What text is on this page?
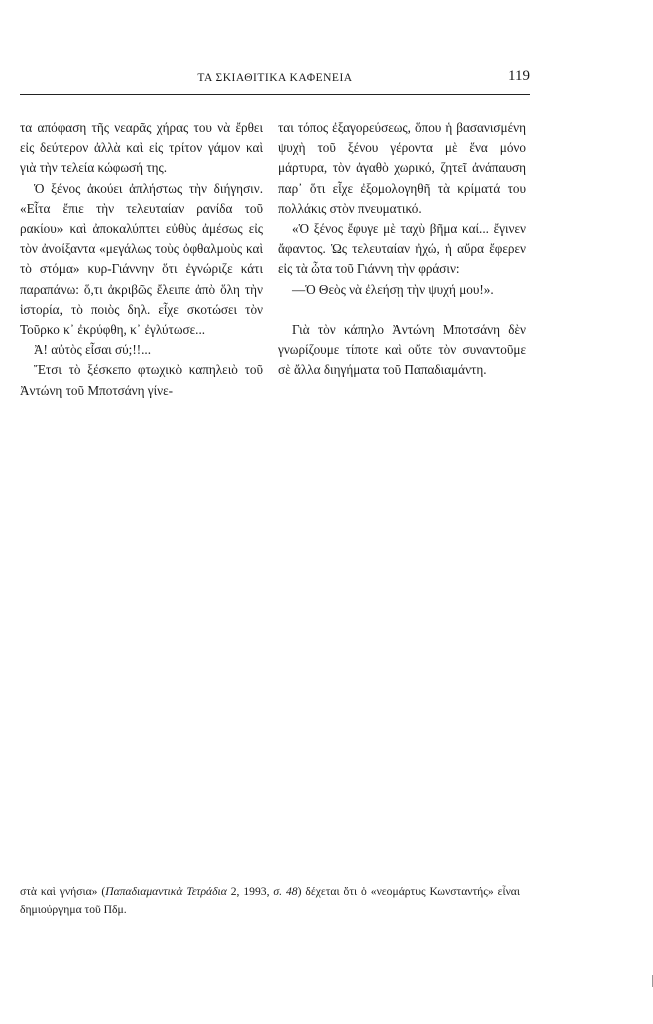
ΤΑ ΣΚΙΑΘΙΤΙΚΑ ΚΑΦΕΝΕΙΑ	119

τα απόφαση τῆς νεαρᾶς χήρας του νὰ ἔρθει εἰς δεύτερον ἀλλὰ καὶ εἰς τρίτον γάμον καὶ γιὰ τὴν τελεία κώφωσή της.

Ὁ ξένος ἀκούει ἀπλήστως τὴν διήγησιν. «Εἶτα ἔπιε τὴν τελευταίαν ρανίδα τοῦ ρακίου» καὶ ἀποκαλύπτει εὐθὺς ἀμέσως εἰς τὸν ἀνοίξαντα «μεγάλως τοὺς ὀφθαλμοὺς καὶ τὸ στόμα» κυρ-Γιάννην ὅτι ἐγνώριζε κάτι παραπάνω: ὅ,τι ἀκριβῶς ἔλειπε ἀπὸ ὅλη τὴν ἱστορία, τὸ ποιὸς δηλ. εἶχε σκοτώσει τὸν Τοῦρκο κ᾽ ἐκρύφθη, κ᾽ ἐγλύτωσε...

Ἀ! αὐτὸς εἶσαι σύ;!!...

Ἔτσι τὸ ξέσκεπο φτωχικὸ καπηλειὸ τοῦ Ἀντώνη τοῦ Μποτσάνη γίνε-

ται τόπος ἐξαγορεύσεως, ὅπου ἡ βασανισμένη ψυχὴ τοῦ ξένου γέροντα μὲ ἕνα μόνο μάρτυρα, τὸν ἀγαθὸ χωρικό, ζητεῖ ἀνάπαυση παρ᾽ ὅτι εἶχε ἐξομολογηθῆ τὰ κρίματά του πολλάκις στὸν πνευματικό.

«Ὁ ξένος ἔφυγε μὲ ταχὺ βῆμα καί... ἔγινεν ἄφαντος. Ὡς τελευταίαν ἠχώ, ἡ αὔρα ἔφερεν εἰς τὰ ὦτα τοῦ Γιάννη τὴν φράσιν:

—Ὁ Θεὸς νὰ ἐλεήσῃ τὴν ψυχή μου!».

Γιὰ τὸν κάπηλο Ἀντώνη Μποτσάνη δὲν γνωρίζουμε τίποτε καὶ οὔτε τὸν συναντοῦμε σὲ ἄλλα διηγήματα τοῦ Παπαδιαμάντη.

στὰ καὶ γνήσια» (Παπαδιαμαντικὰ Τετράδια 2, 1993, σ. 48) δέχεται ὅτι ὁ «νεομάρτυς Κωνσταντής» εἶναι δημιούργημα τοῦ Πδμ.
